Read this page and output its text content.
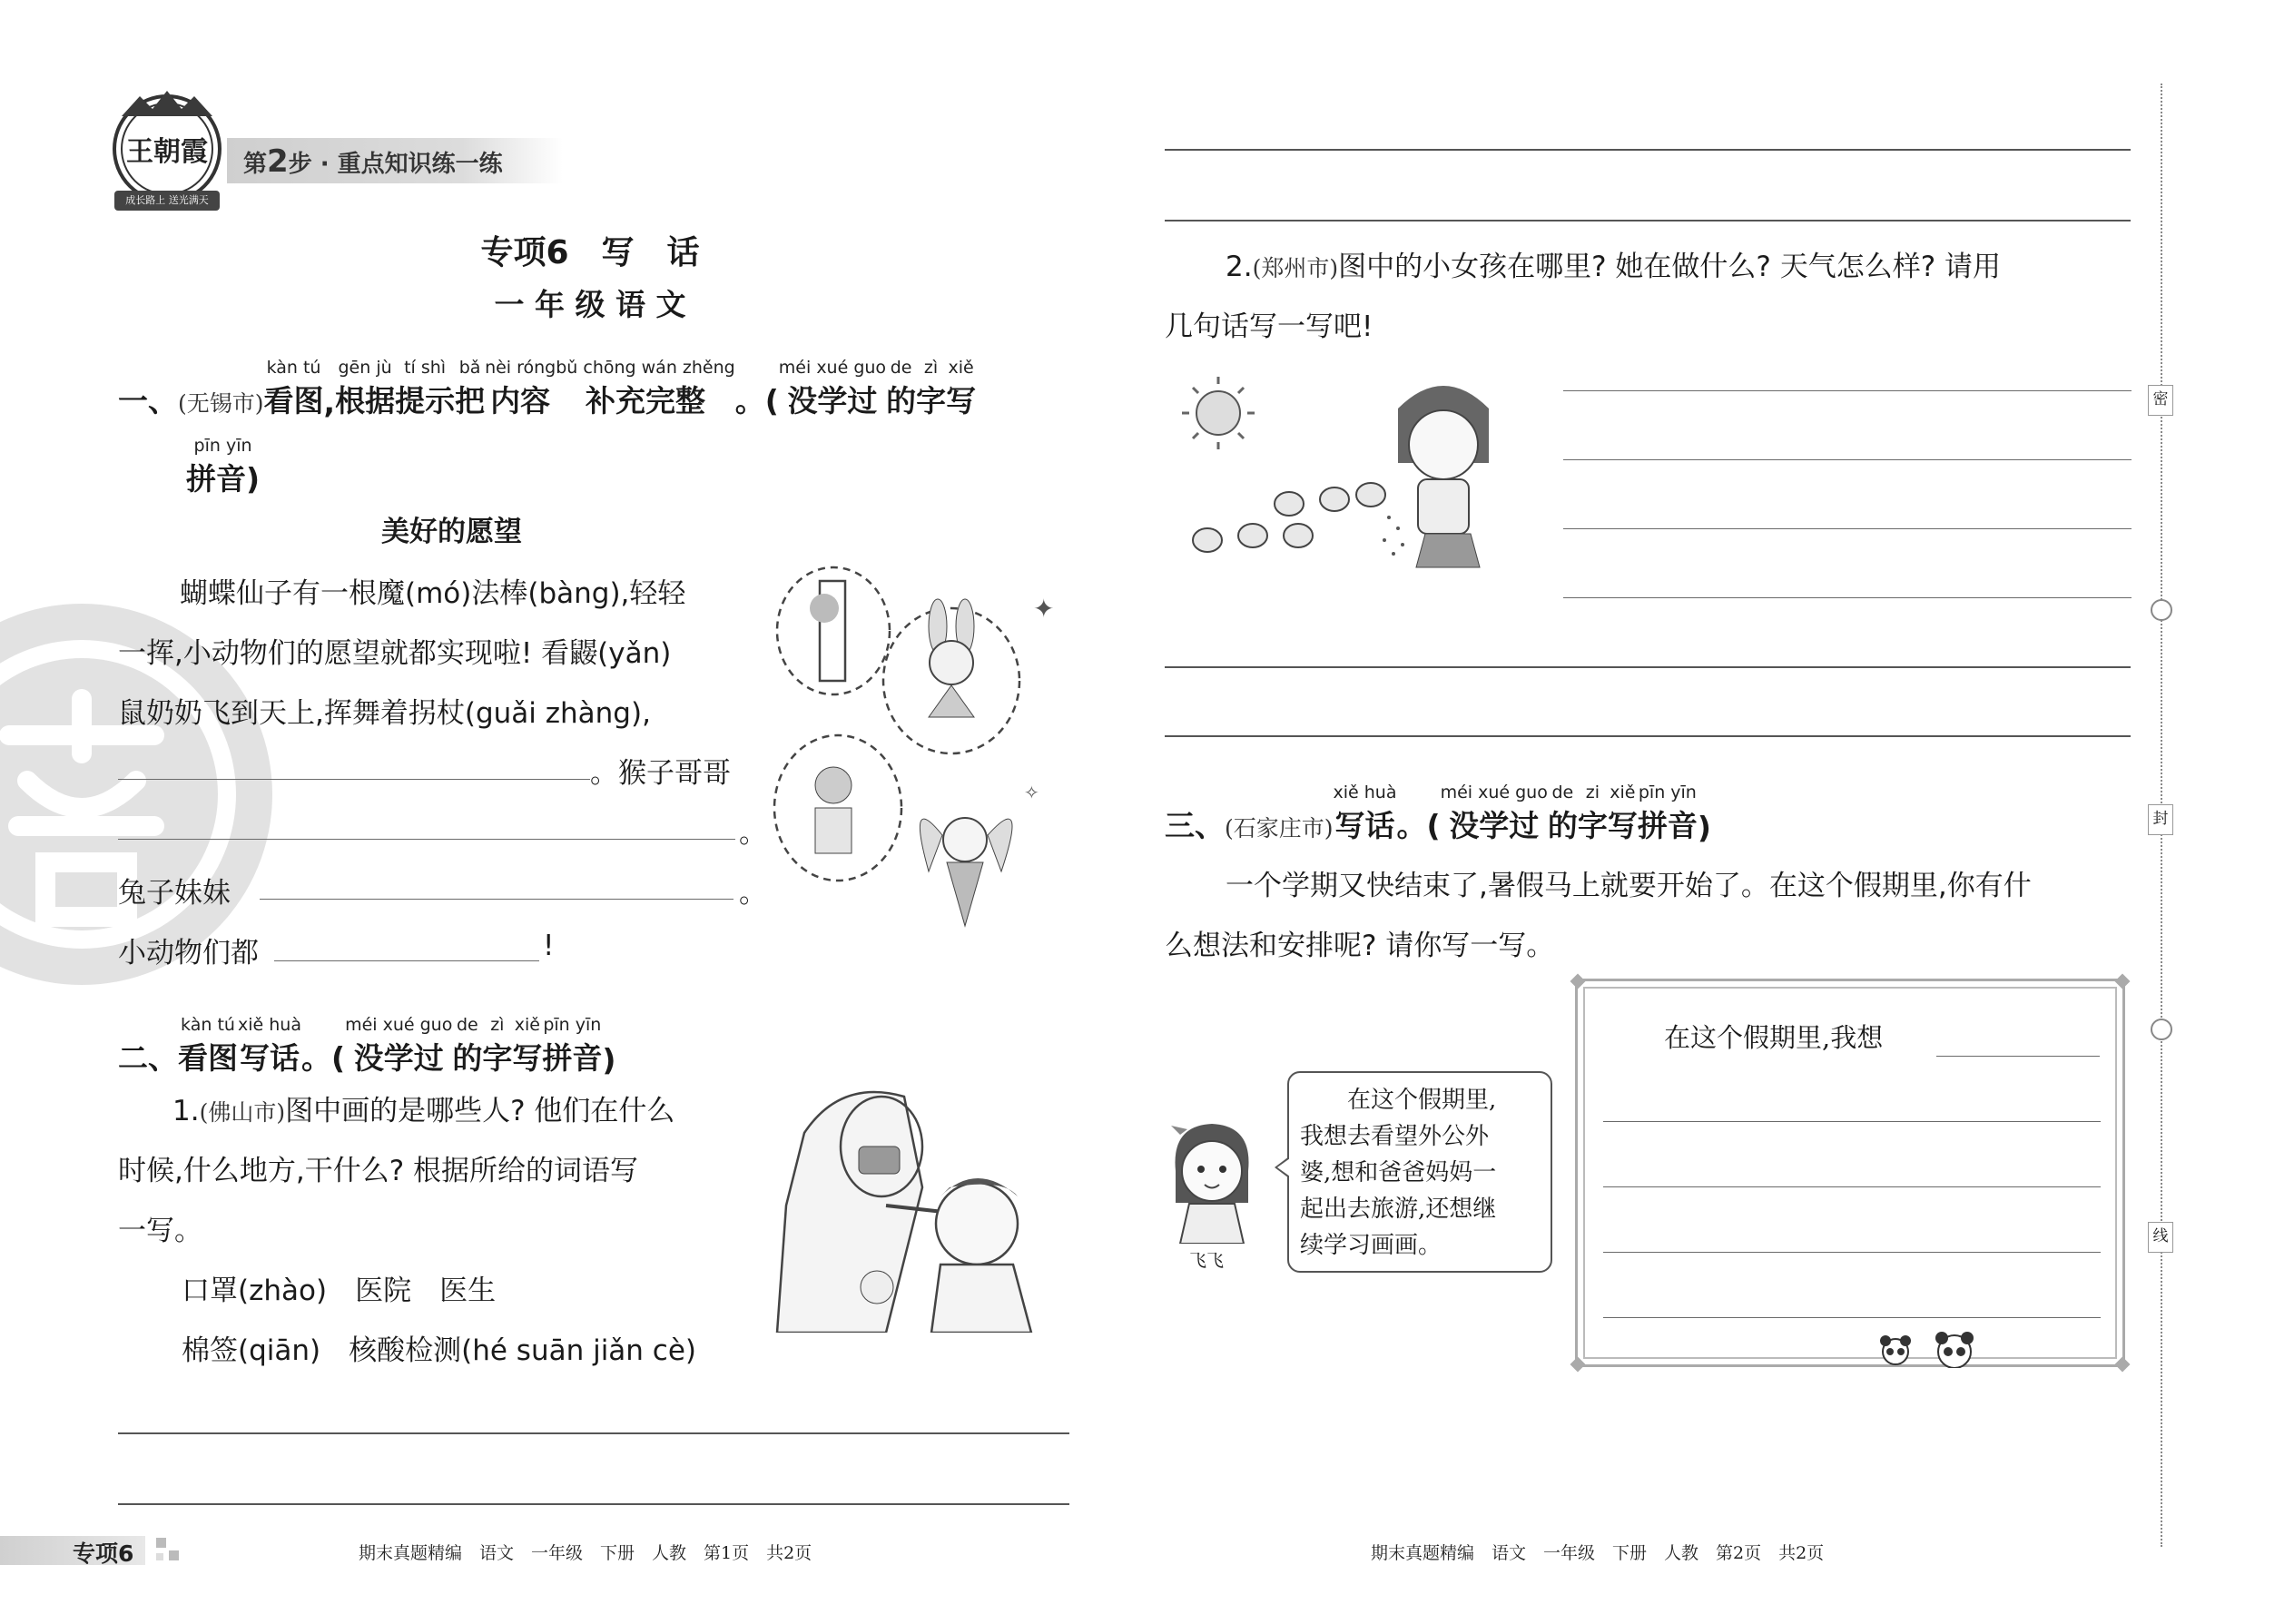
王朝霞
成长路上 送光满天
第2步 · 重点知识练一练
专项6　写　话
一 年 级 语 文
一、(无锡市)
kàn tú
看图
,
gēn jù
根据
tí shì
提示
bǎ
把
nèi róng
内容
bǔ chōng wán zhěng
补充完整
。(
méi xué guo
没学过
de
的
zì
字
xiě
写
pīn yīn
拼音)
美好的愿望
蝴蝶仙子有一根魔(mó)法棒(bàng),轻轻
一挥,小动物们的愿望就都实现啦! 看鼹(yǎn)
鼠奶奶飞到天上,挥舞着拐杖(guǎi zhàng),
。猴子哥哥
。
兔子妹妹	。
小动物们都	!
✦
✧
二、
kàn tú
看图
xiě huà
写话
。(
méi xué guo
没学过
de
的
zì
字
xiě
写
pīn yīn
拼音
)
1.(佛山市)图中画的是哪些人? 他们在什么
时候,什么地方,干什么? 根据所给的词语写
一写。
口罩(zhào)　医院　医生
棉签(qiān)　核酸检测(hé suān jiǎn cè)
专项6	期末真题精编　语文　一年级　下册　人教　第1页　共2页
2.(郑州市)图中的小女孩在哪里? 她在做什么? 天气怎么样? 请用
几句话写一写吧!
三、(石家庄市)
xiě huà
写话
。(
méi xué guo
没学过
de
的
zi
字
xiě
写
pīn yīn
拼音
)
一个学期又快结束了,暑假马上就要开始了。在这个假期里,你有什
么想法和安排呢? 请你写一写。
飞飞
在这个假期里,
我想去看望外公外
婆,想和爸爸妈妈一
起出去旅游,还想继
续学习画画。
在这个假期里,我想
期末真题精编　语文　一年级　下册　人教　第2页　共2页
密
封
线
